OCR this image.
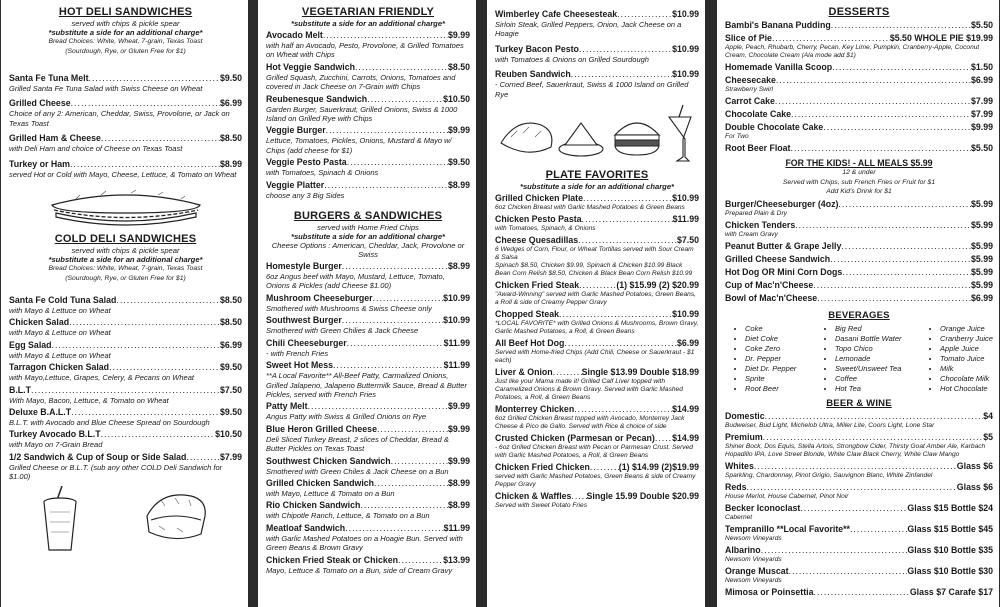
HOT DELI SANDWICHES
served with chips & pickle spear
*substitute a side for an additional charge*
Bread Choices: White, Wheat, 7-grain, Texas Toast
(Sourdough, Rye, or Gluten Free for $1)
Santa Fe Tuna Melt .....	$9.50
Grilled Santa Fe Tuna Salad with Swiss Cheese on Wheat
Grilled Cheese .....	$6.99
Choice of any 2: American, Cheddar, Swiss, Provolone, or Jack on Texas Toast
Grilled Ham & Cheese .....	$8.50
with Deli Ham and choice of Cheese on Texas Toast
Turkey or Ham .....	$8.99
served Hot or Cold with Mayo, Cheese, Lettuce, & Tomato on Wheat
COLD DELI SANDWICHES
served with chips & pickle spear
*substitute a side for an additional charge*
Bread Choices: White, Wheat, 7-grain, Texas Toast
(Sourdough, Rye, or Gluten Free for $1)
Santa Fe Cold Tuna Salad .....	$8.50
with Mayo & Lettuce on Wheat
Chicken Salad .....	$8.50
with Mayo & Lettuce on Wheat
Egg Salad .....	$6.99
with Mayo & Lettuce on Wheat
Tarragon Chicken Salad .....	$9.50
with Mayo,Lettuce, Grapes, Celery, & Pecans on Wheat
B.L.T .....	$7.50
With Mayo, Bacon, Lettuce, & Tomato on Wheat
Deluxe B.A.L.T .....	$9.50
B.L.T. with Avocado and Blue Cheese Spread on Sourdough
Turkey Avocado B.L.T .....	$10.50
with Mayo on 7-Grain Bread
1/2 Sandwich & Cup of Soup or Side Salad .....	$7.99
Grilled Cheese or B.L.T. (sub any other COLD Deli Sandwich for $1.00)
VEGETARIAN FRIENDLY
*substitute a side for an additional charge*
Avocado Melt .....	$9.99
with half an Avocado, Pesto, Provolone, & Grilled Tomatoes on Wheat with Chips
Hot Veggie Sandwich .....	$8.50
Grilled Squash, Zucchini, Carrots, Onions, Tomatoes and covered in Jack Cheese on 7-Grain with Chips
Reubenesque Sandwich .....	$10.50
Garden Burger, Sauerkraut, Grilled Onions, Swiss & 1000 Island on Grilled Rye with Chips
Veggie Burger .....	$9.99
Lettuce, Tomatoes, Pickles, Onions, Mustard & Mayo w/ Chips (add cheese for $1)
Veggie Pesto Pasta .....	$9.50
with Tomatoes, Spinach & Onions
Veggie Platter .....	$8.99
choose any 3 Big Sides
BURGERS & SANDWICHES
served with Home Fried Chips
*substitute a side for an additional charge*
Cheese Options : American, Cheddar, Jack, Provolone or Swiss
Homestyle Burger .....	$8.99
6oz Angus beef with Mayo, Mustard, Lettuce, Tomato, Onions & Pickles (add Cheese $1.00)
Mushroom Cheeseburger .....	$10.99
Smothered with Mushrooms & Swiss Cheese only
Southwest Burger .....	$10.99
Smothered with Green Chilies & Jack Cheese
Chili Cheeseburger .....	$11.99
- with French Fries
Sweet Hot Mess .....	$11.99
**A Local Favorite** All-Beef Patty, Carmalized Onions, Grilled Jalapeno, Jalapeno Buttermilk Sauce, Bread & Butter Pickles, served with French Fries
Patty Melt .....	$9.99
Angus Patty with Swiss & Grilled Onions on Rye
Blue Heron Grilled Cheese .....	$9.99
Deli Sliced Turkey Breast, 2 slices of Cheddar, Bread & Butter Pickles on Texas Toast
Southwest Chicken Sandwich .....	$9.99
Smothered with Green Chiles & Jack Cheese on a Bun
Grilled Chicken Sandwich .....	$8.99
with Mayo, Lettuce & Tomato on a Bun
Rio Chicken Sandwich .....	$8.99
with Chipotle Ranch, Lettuce, & Tomato on a Bun
Meatloaf Sandwich .....	$11.99
with Garlic Mashed Potatoes on a Hoagie Bun. Served with Green Beans & Brown Gravy
Chicken Fried Steak or Chicken .....	$13.99
Mayo, Lettuce & Tomato on a Bun, side of Cream Gravy
Wimberley Cafe Cheesesteak .....	$10.99
Sirloin Steak, Grilled Peppers, Onion, Jack Cheese on a Hoagie
Turkey Bacon Pesto .....	$10.99
with Tomatoes & Onions on Grilled Sourdough
Reuben Sandwich .....	$10.99
- Corned Beef, Sauerkraut, Swiss & 1000 Island on Grilled Rye
PLATE FAVORITES
*substitute a side for an additional charge*
Grilled Chicken Plate .....	$10.99
6oz Chicken Breast with Garlic Mashed Potatoes & Green Beans
Chicken Pesto Pasta .....	$11.99
with Tomatoes, Spinach, & Onions
Cheese Quesadillas .....	$7.50
6 Wedges of Corn, Flour, or Wheat Tortillas served with Sour Cream & Salsa
Spinach $8.50, Chicken $9.99, Spinach & Chicken $10.99 Black Bean Corn Relish $8.50, Chicken & Black Bean Corn Relish $10.99
Chicken Fried Steak .....	(1) $15.99 (2) $20.99
"Award-Winning" served with Garlic Mashed Potatoes, Green Beans, a Roll & side of Creamy Pepper Gravy
Chopped Steak .....	$10.99
*LOCAL FAVORITE* with Grilled Onions & Mushrooms, Brown Gravy, Garlic Mashed Potatoes, a Roll, & Green Beans
All Beef Hot Dog .....	$6.99
Served with Home-fried Chips (Add Chili, Cheese or Sauerkraut - $1 each)
Liver & Onion .....	Single $13.99 Double $18.99
Just like your Mama made it! Grilled Calf Liver topped with Caramelized Onions & Brown Gravy. Served with Garlic Mashed Potatoes, a Roll, & Green Beans
Monterrey Chicken .....	$14.99
6oz Grilled Chicken Breast topped with Avocado, Monterrey Jack Cheese & Pico de Gallo. Served with Rice & choice of side
Crusted Chicken (Parmesan or Pecan) ..... $14.99
- 6oz Grilled Chicken Breast with Pecan or Parmesan Crust. Served with Garlic Mashed Potatoes, a Roll, & Green Beans
Chicken Fried Chicken .....	(1) $14.99 (2)$19.99
served with Garlic Mashed Potatoes, Green Beans & side of Creamy Pepper Gravy
Chicken & Waffles ..... Single 15.99 Double $20.99
Served with Sweet Potato Fries
DESSERTS
Bambi's Banana Pudding .....	$5.50
Slice of Pie .....	$5.50 WHOLE PIE $19.99
Apple, Peach, Rhubarb, Cherry, Pecan, Key Lime, Pumpkin, Cranberry-Apple, Coconut Cream, Chocolate Cream (Ala mode add $1)
Homemade Vanilla Scoop .....	$1.50
Cheesecake .....	$6.99
Strawberry Swirl
Carrot Cake .....	$7.99
Chocolate Cake .....	$7.99
Double Chocolate Cake .....	$9.99
For Two
Root Beer Float .....	$5.50
FOR THE KIDS! - ALL MEALS $5.99
12 & under
Served with Chips, sub French Fries or Fruit for $1
Add Kid's Drink for $1
Burger/Cheeseburger (4oz) .....	$5.99
Prepared Plain & Dry
Chicken Tenders .....	$5.99
with Cream Gravy
Peanut Butter & Grape Jelly .....	$5.99
Grilled Cheese Sandwich .....	$5.99
Hot Dog OR Mini Corn Dogs .....	$5.99
Cup of Mac'n'Cheese .....	$5.99
Bowl of Mac'n'Cheese .....	$6.99
BEVERAGES
• Coke
• Diet Coke
• Coke Zero
• Dr. Pepper
• Diet Dr. Pepper
• Sprite
• Root Beer
• Big Red
• Dasani Bottle Water
• Topo Chico
• Lemonade
• Sweet/Unsweet Tea
• Coffee
• Hot Tea
• Orange Juice
• Cranberry Juice
• Apple Juice
• Tomato Juice
• Milk
• Chocolate Milk
• Hot Chocolate
BEER & WINE
Domestic .....	$4
Budweiser, Bud Light, Michelob Ultra, Miller Lite, Coors Light, Lone Star
Premium .....	$5
Shiner Bock, Dos Equis, Stella Artois, Strongbow Cider, Thirsty Goat Amber Ale, Karbach Hopadillo IPA, Love Street Blonde, White Claw Black Cherry, White Claw Mango
Whites .....	Glass $6
Sparkling, Chardonnay, Pinot Grigio, Sauvignon Blanc, White Zinfandel
Reds .....	Glass $6
House Merlot, House Cabernet, Pinot Noir
Becker Iconoclast .....	Glass $15 Bottle $24
Cabernet
Tempranillo **Local Favorite** .....	Glass $15 Bottle $45
Newsom Vineyards
Albarino .....	Glass $10 Bottle $35
Newsom Vineyards
Orange Muscat .....	Glass $10 Bottle $30
Newsom Vineyards
Mimosa or Poinsettia .....	Glass $7 Carafe $17
